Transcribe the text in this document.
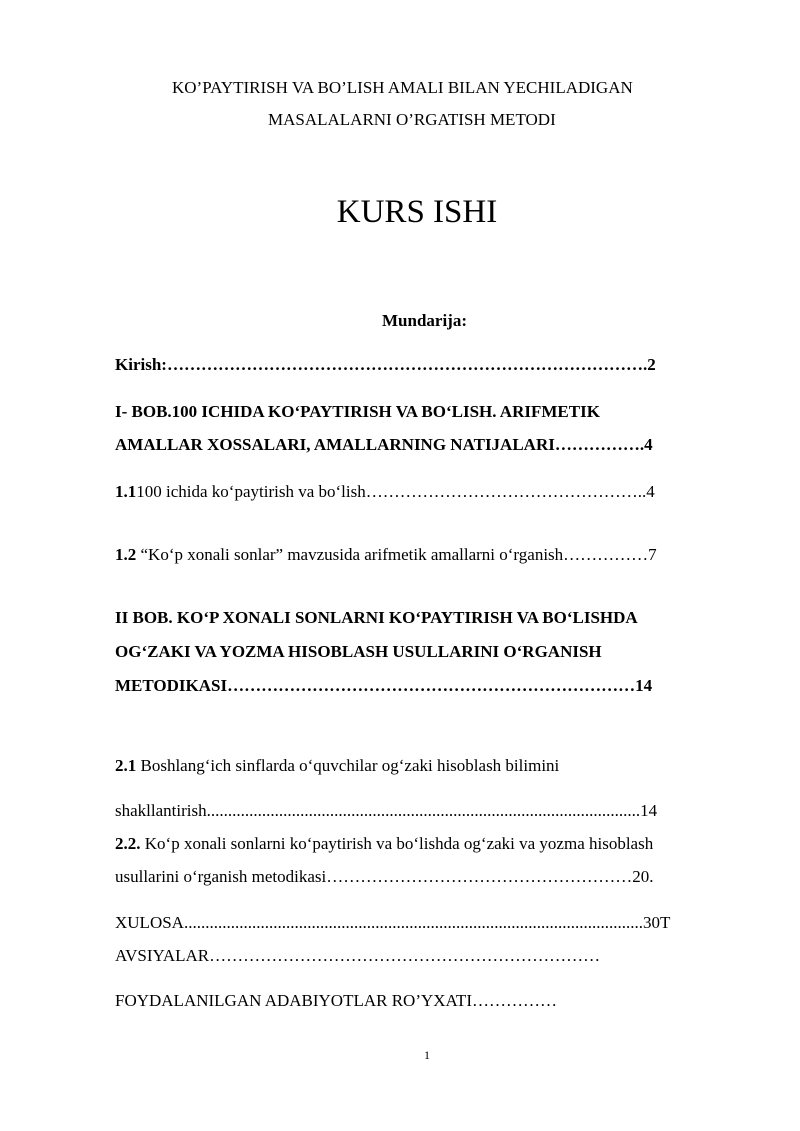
KO’PAYTIRISH VA BO’LISH AMALI BILAN YECHILADIGAN
MASALALARNI O’RGATISH METODI
KURS ISHI
Mundarija:
Kirish:………………………………………………………………………….2
I- BOB.100 ICHIDA KO‘PAYTIRISH VA BO‘LISH. ARIFMETIK
AMALLAR XOSSALARI, AMALLARNING NATIJALARI…………….4
1.1100 ichida ko‘paytirish va bo‘lish…………………………………………..4
1.2 “Ko‘p xonali sonlar” mavzusida arifmetik amallarni o‘rganish……………7
II BOB. KO‘P XONALI SONLARNI KO‘PAYTIRISH VA BO‘LISHDA
OG‘ZAKI VA YOZMA HISOBLASH USULLARINI O‘RGANISH
METODIKASI………………………………………………………………14
2.1 Boshlang‘ich sinflarda o‘quvchilar og‘zaki hisoblash bilimini
shakllantirish......................................................................................................14
2.2. Ko‘p xonali sonlarni ko‘paytirish va bo‘lishda og‘zaki va yozma hisoblash
usullarini o‘rganish metodikasi………………………………………………20.
XULOSA............................................................................................................30T
AVSIYALAR……………………………………………………………
FOYDALANILGAN ADABIYOTLAR RO’YXATI……………
1
